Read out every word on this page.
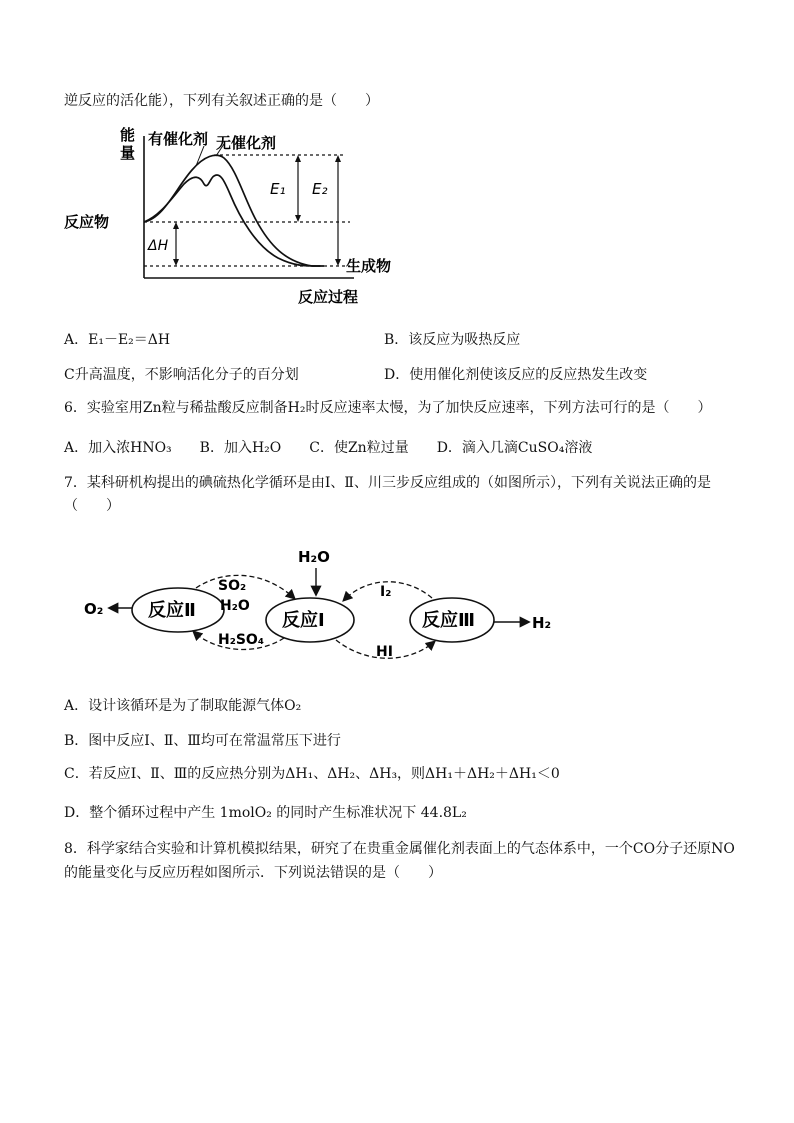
逆反应的活化能），下列有关叙述正确的是（　　）
能
量
反应过程
E₁ E₂
ΔH
反应物
生成物
有催化剂 无催化剂
A．E₁－E₂＝ΔH	B．该反应为吸热反应
C升高温度，不影响活化分子的百分划	D．使用催化剂使该反应的反应热发生改变
6．实验室用Zn粒与稀盐酸反应制备H₂时反应速率太慢，为了加快反应速率，下列方法可行的是（　　）
A．加入浓HNO₃　　B．加入H₂O　　C．使Zn粒过量　　D．滴入几滴CuSO₄溶液
7．某科研机构提出的碘硫热化学循环是由Ⅰ、Ⅱ、川三步反应组成的（如图所示），下列有关说法正确的是
（　　）
反应Ⅱ	反应Ⅰ	反应Ⅲ
O₂
H₂
H₂O
SO₂
H₂O
H₂SO₄
I₂
HI
A．设计该循环是为了制取能源气体O₂
B．图中反应Ⅰ、Ⅱ、Ⅲ均可在常温常压下进行
C．若反应Ⅰ、Ⅱ、Ⅲ的反应热分别为ΔH₁、ΔH₂、ΔH₃，则ΔH₁＋ΔH₂＋ΔH₁＜0
D．整个循环过程中产生 1molO₂ 的同时产生标准状况下 44.8L₂
8．科学家结合实验和计算机模拟结果，研究了在贵重金属催化剂表面上的气态体系中，一个CO分子还原NO
的能量变化与反应历程如图所示．下列说法错误的是（　　）
